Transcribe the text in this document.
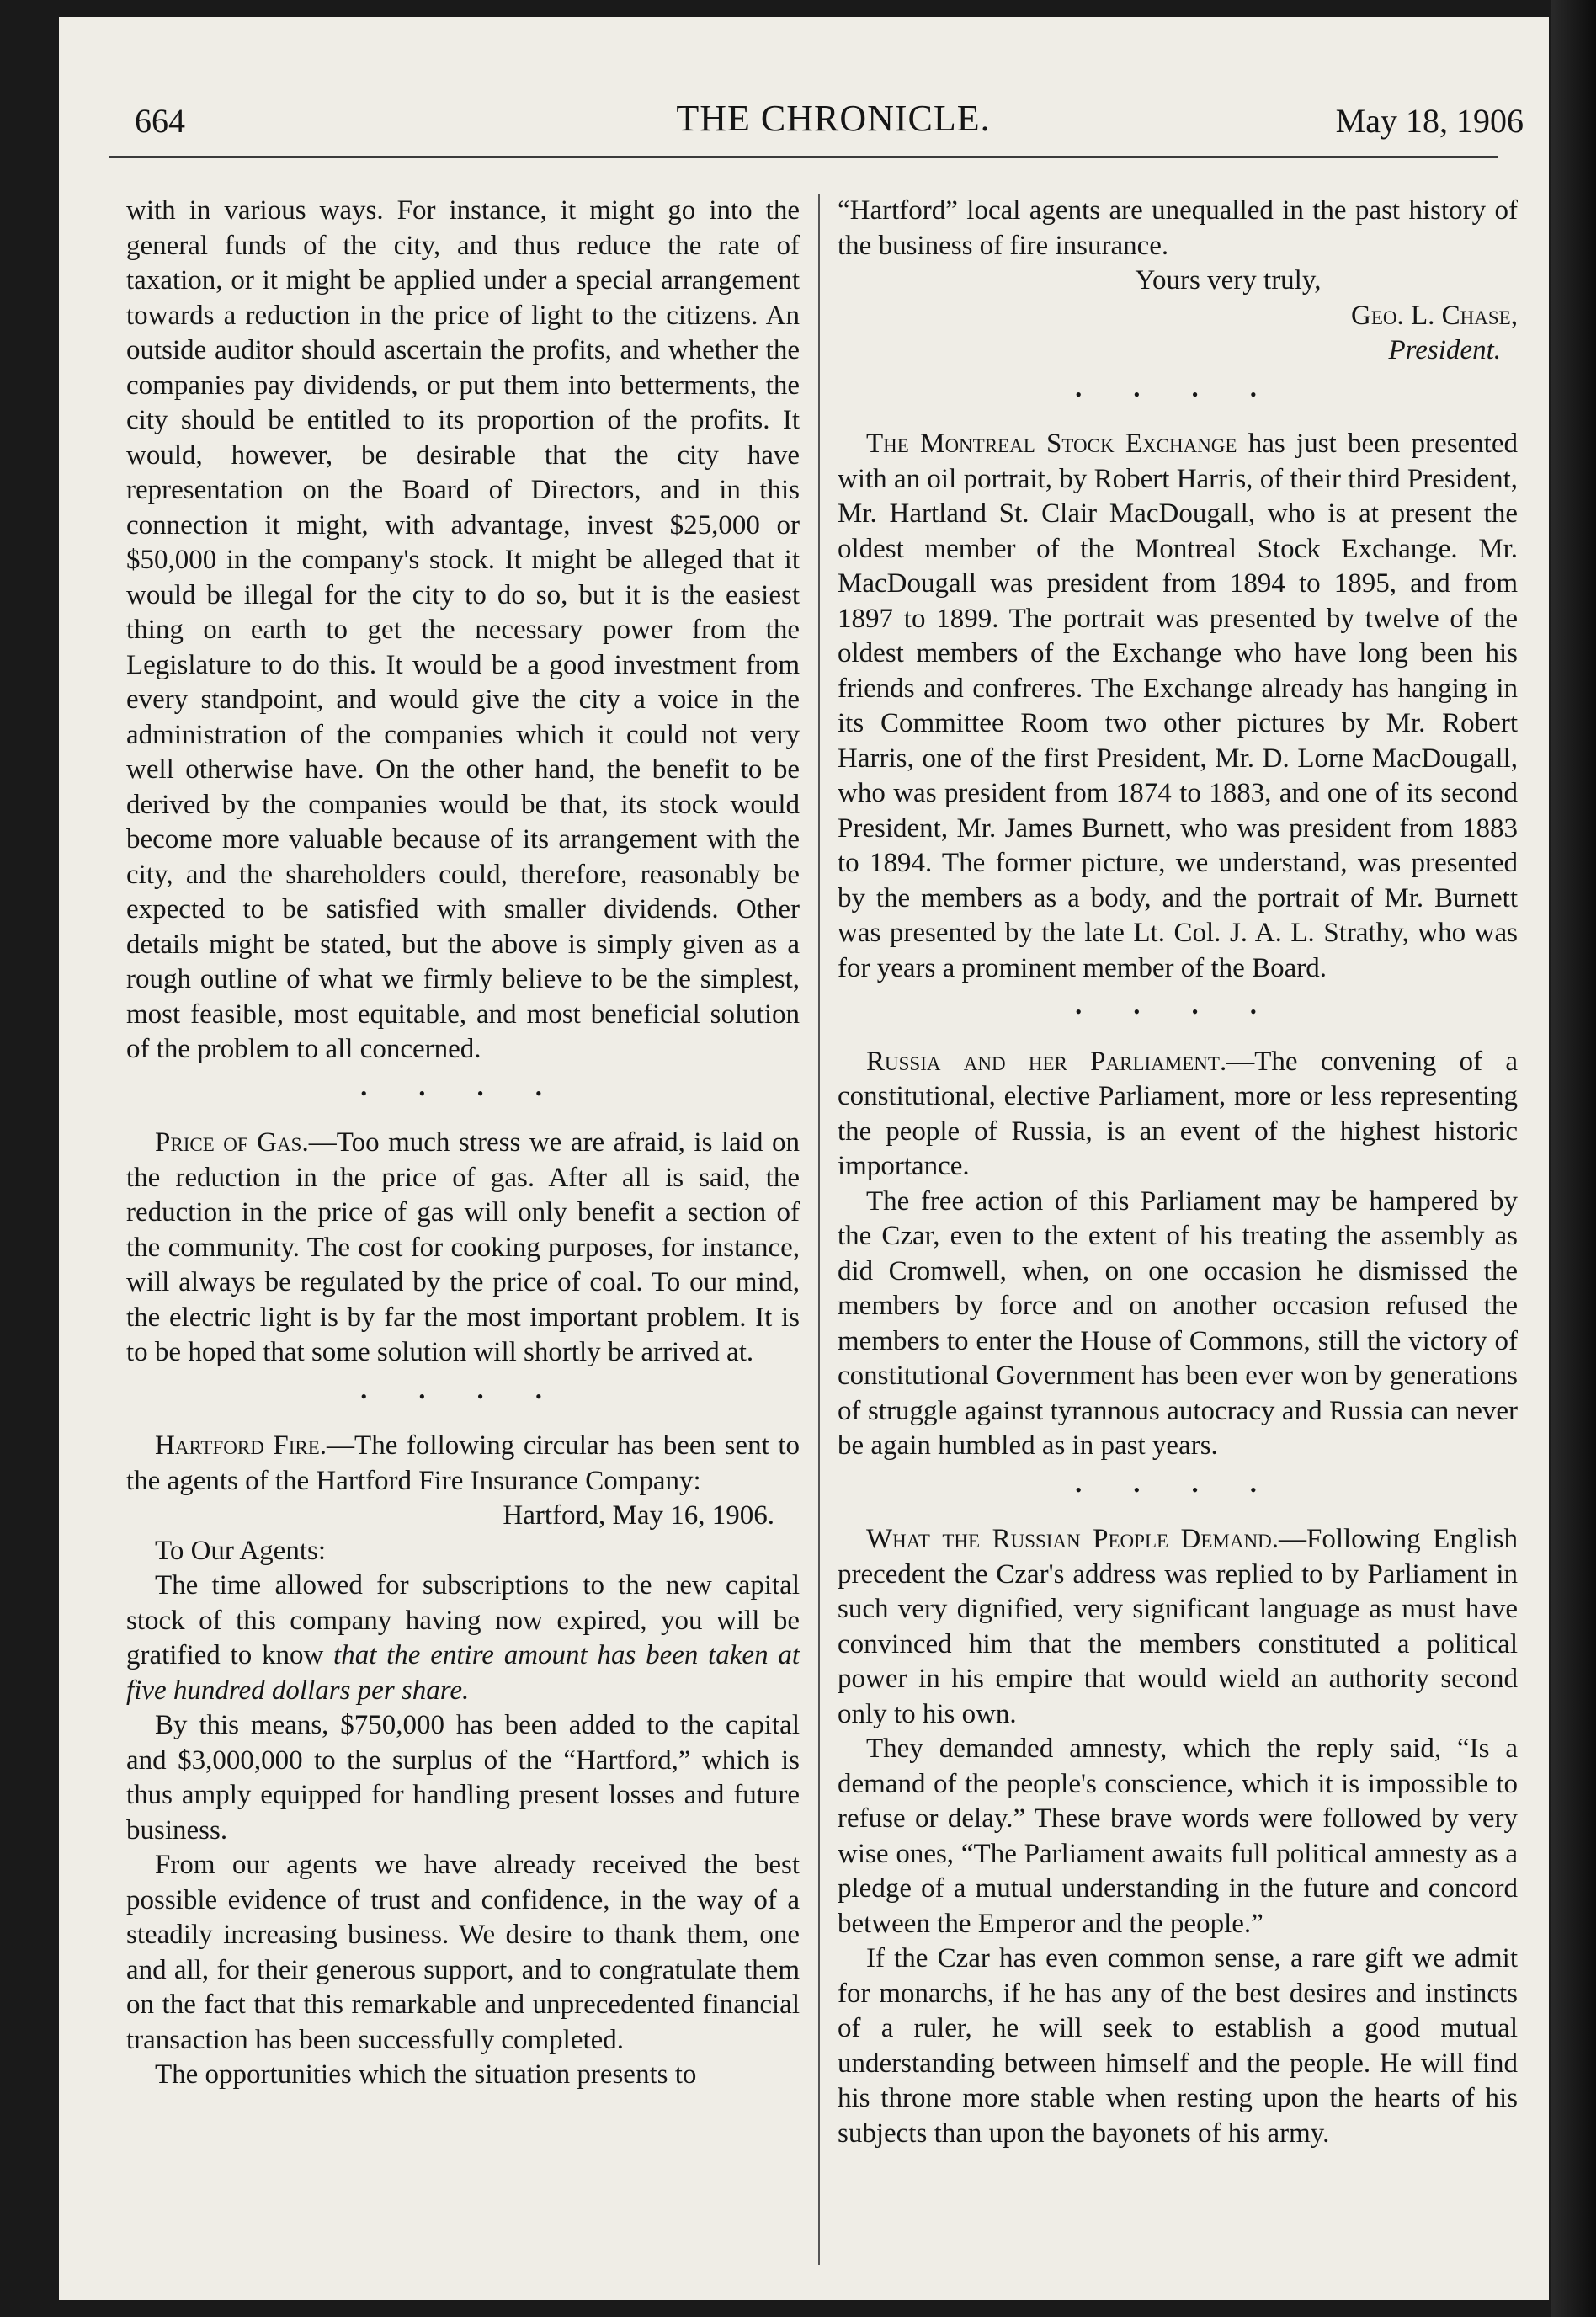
664	THE CHRONICLE.	May 18, 1906

with in various ways. For instance, it might go into the general funds of the city, and thus reduce the rate of taxation, or it might be applied under a special arrangement towards a reduction in the price of light to the citizens. An outside auditor should ascertain the profits, and whether the companies pay dividends, or put them into betterments, the city should be entitled to its proportion of the profits. It would, however, be desirable that the city have representation on the Board of Directors, and in this connection it might, with advantage, invest $25,000 or $50,000 in the company's stock. It might be alleged that it would be illegal for the city to do so, but it is the easiest thing on earth to get the necessary power from the Legislature to do this. It would be a good investment from every standpoint, and would give the city a voice in the administration of the companies which it could not very well otherwise have. On the other hand, the benefit to be derived by the companies would be that, its stock would become more valuable because of its arrangement with the city, and the shareholders could, therefore, reasonably be expected to be satisfied with smaller dividends. Other details might be stated, but the above is simply given as a rough outline of what we firmly believe to be the simplest, most feasible, most equitable, and most beneficial solution of the problem to all concerned.

• • • •

Price of Gas.—Too much stress we are afraid, is laid on the reduction in the price of gas. After all is said, the reduction in the price of gas will only benefit a section of the community. The cost for cooking purposes, for instance, will always be regulated by the price of coal. To our mind, the electric light is by far the most important problem. It is to be hoped that some solution will shortly be arrived at.

• • • •

Hartford Fire.—The following circular has been sent to the agents of the Hartford Fire Insurance Company:

Hartford, May 16, 1906.

To Our Agents:

The time allowed for subscriptions to the new capital stock of this company having now expired, you will be gratified to know that the entire amount has been taken at five hundred dollars per share.

By this means, $750,000 has been added to the capital and $3,000,000 to the surplus of the “Hartford,” which is thus amply equipped for handling present losses and future business.

From our agents we have already received the best possible evidence of trust and confidence, in the way of a steadily increasing business. We desire to thank them, one and all, for their generous support, and to congratulate them on the fact that this remarkable and unprecedented financial transaction has been successfully completed.

The opportunities which the situation presents to

“Hartford” local agents are unequalled in the past history of the business of fire insurance.

Yours very truly,

Geo. L. Chase,

President.

• • • •

The Montreal Stock Exchange has just been presented with an oil portrait, by Robert Harris, of their third President, Mr. Hartland St. Clair MacDougall, who is at present the oldest member of the Montreal Stock Exchange. Mr. MacDougall was president from 1894 to 1895, and from 1897 to 1899. The portrait was presented by twelve of the oldest members of the Exchange who have long been his friends and confreres. The Exchange already has hanging in its Committee Room two other pictures by Mr. Robert Harris, one of the first President, Mr. D. Lorne MacDougall, who was president from 1874 to 1883, and one of its second President, Mr. James Burnett, who was president from 1883 to 1894. The former picture, we understand, was presented by the members as a body, and the portrait of Mr. Burnett was presented by the late Lt. Col. J. A. L. Strathy, who was for years a prominent member of the Board.

• • • •

Russia and her Parliament.—The convening of a constitutional, elective Parliament, more or less representing the people of Russia, is an event of the highest historic importance.

The free action of this Parliament may be hampered by the Czar, even to the extent of his treating the assembly as did Cromwell, when, on one occasion he dismissed the members by force and on another occasion refused the members to enter the House of Commons, still the victory of constitutional Government has been ever won by generations of struggle against tyrannous autocracy and Russia can never be again humbled as in past years.

• • • •

What the Russian People Demand.—Following English precedent the Czar's address was replied to by Parliament in such very dignified, very significant language as must have convinced him that the members constituted a political power in his empire that would wield an authority second only to his own.

They demanded amnesty, which the reply said, “Is a demand of the people's conscience, which it is impossible to refuse or delay.” These brave words were followed by very wise ones, “The Parliament awaits full political amnesty as a pledge of a mutual understanding in the future and concord between the Emperor and the people.”

If the Czar has even common sense, a rare gift we admit for monarchs, if he has any of the best desires and instincts of a ruler, he will seek to establish a good mutual understanding between himself and the people. He will find his throne more stable when resting upon the hearts of his subjects than upon the bayonets of his army.
